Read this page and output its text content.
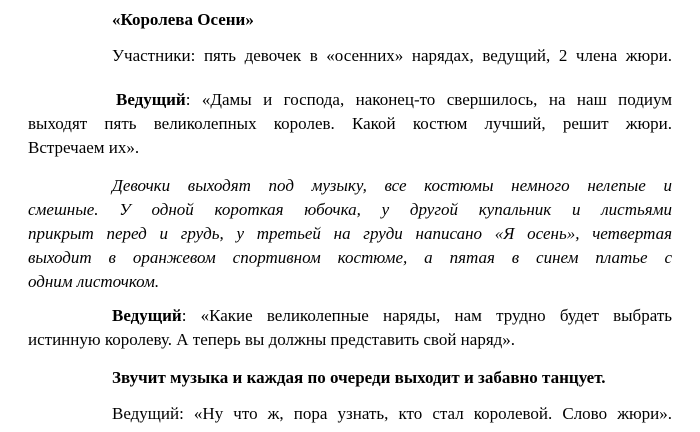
«Королева Осени»
Участники: пять девочек в «осенних» нарядах, ведущий, 2 члена жюри.
Ведущий: «Дамы и господа, наконец-то свершилось, на наш подиум
выходят пять великолепных королев. Какой костюм лучший, решит жюри.
Встречаем их».
Девочки выходят под музыку, все костюмы немного нелепые и
смешные. У одной короткая юбочка, у другой купальник и листьями
прикрыт перед и грудь, у третьей на груди написано «Я осень», четвертая
выходит в оранжевом спортивном костюме, а пятая в синем платье с
одним листочком.
Ведущий: «Какие великолепные наряды, нам трудно будет выбрать
истинную королеву. А теперь вы должны представить свой наряд».
Звучит музыка и каждая по очереди выходит и забавно танцует.
Ведущий: «Ну что ж, пора узнать, кто стал королевой. Слово жюри».
